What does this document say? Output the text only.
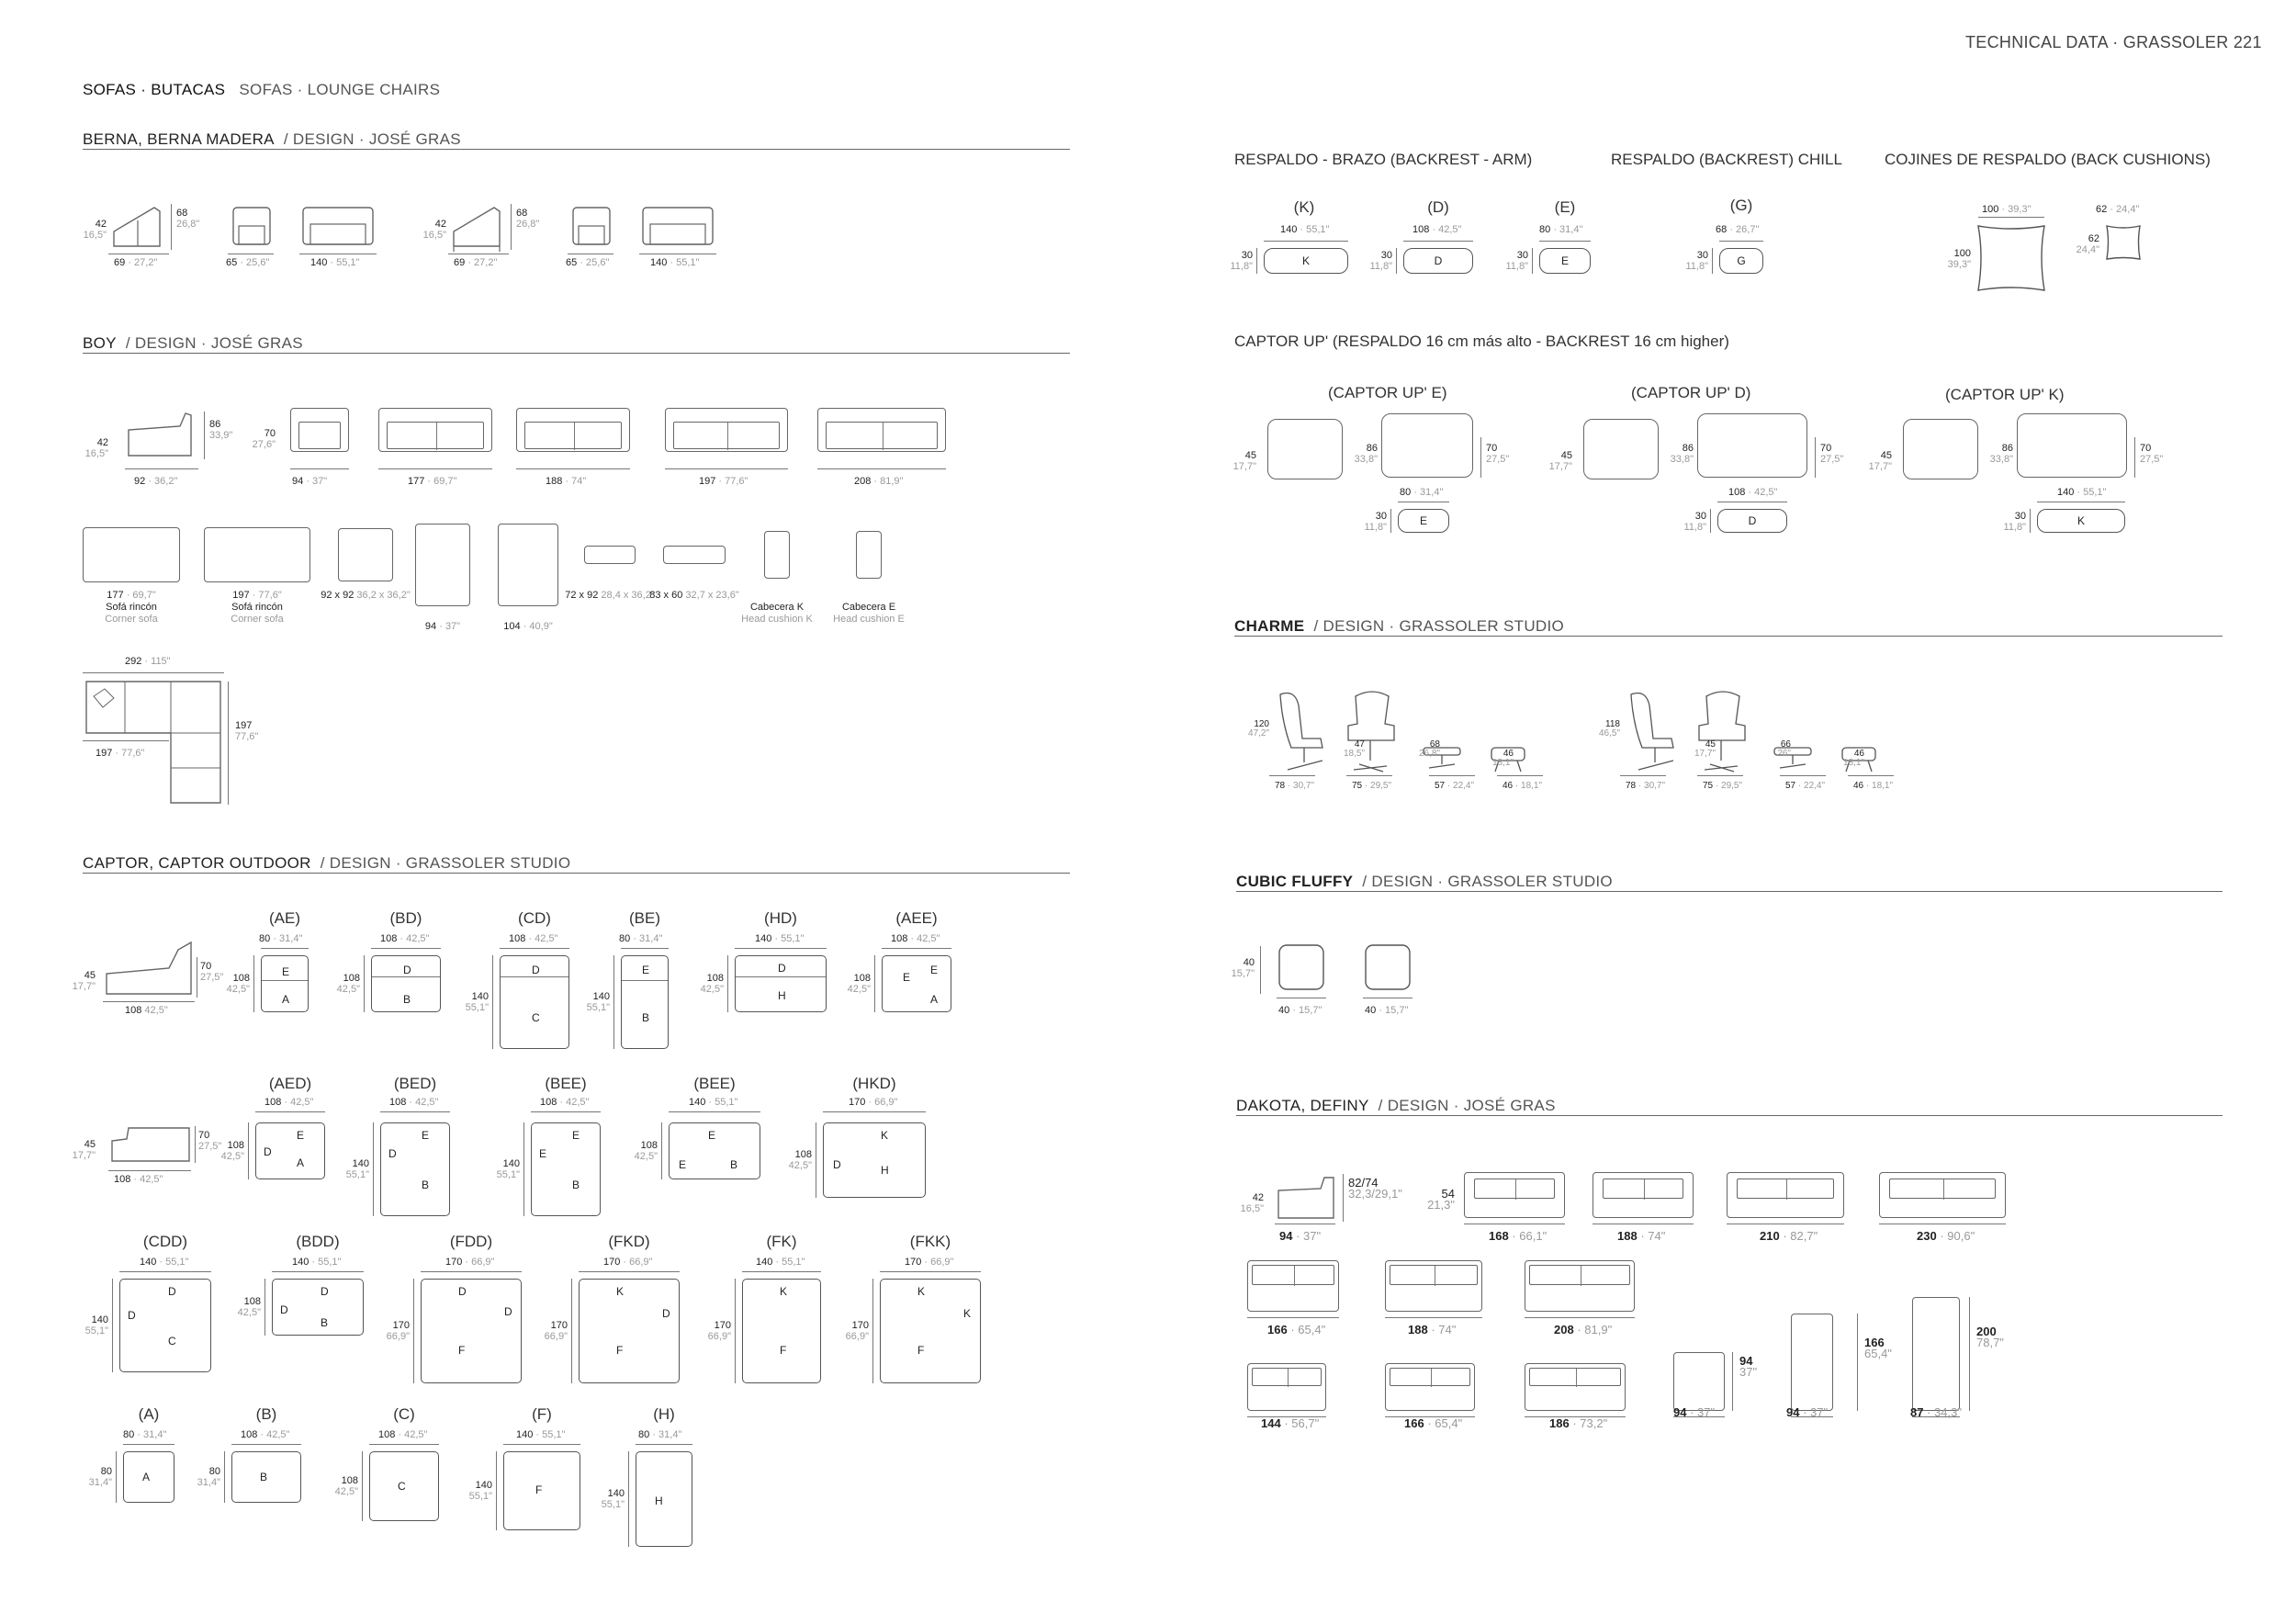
TECHNICAL DATA · GRASSOLER 221
SOFAS · BUTACAS SOFAS · LOUNGE CHAIRS
BERNA, BERNA MADERA / DESIGN · JOSÉ GRAS
42
16,5"
68
26,8"
69 · 27,2"	65 · 25,6"	140 · 55,1"
42
16,5"
68
26,8"
69 · 27,2"	65 · 25,6"	140 · 55,1"
BOY / DESIGN · JOSÉ GRAS
42
16,5"
86
33,9"	70
27,6"
92 · 36,2"	94 · 37"	177 · 69,7"	188 · 74"	197 · 77,6"	208 · 81,9"
177 · 69,7"
Sofá rincón
Corner sofa
197 · 77,6"
Sofá rincón
Corner sofa
92 x 92 36,2 x 36,2"
94 · 37"	104 · 40,9"
72 x 92 28,4 x 36,2"
83 x 60 32,7 x 23,6"

Cabecera K
Head cushion K

Cabecera E
Head cushion E
292 · 115"
197 · 77,6"
197
77,6"
CAPTOR, CAPTOR OUTDOOR / DESIGN · GRASSOLER STUDIO
45
17,7"
70
27,5"
108 42,5"
45
17,7"
70
27,5"
108 · 42,5"
(AE)
80 · 31,4"
E
A
108
42,5"
(BD)
108 · 42,5"
D
B
108
42,5"
(CD)
108 · 42,5"
D
C
140
55,1"
(BE)
80 · 31,4"
E
B
140
55,1"
(HD)
140 · 55,1"
D
H
108
42,5"
(AEE)
108 · 42,5"
E
E
A
108
42,5"
(AED)
108 · 42,5"
D
E
A
108
42,5"
(BED)
108 · 42,5"
D
E
B
140
55,1"
(BEE)
108 · 42,5"
E
E
B
140
55,1"
(BEE)
140 · 55,1"
E
E
B
108
42,5"
(HKD)
170 · 66,9"
D
K
H
108
42,5"
(CDD)
140 · 55,1"
D
D
C
140
55,1"
(BDD)
140 · 55,1"
D
D
B
108
42,5"
(FDD)
170 · 66,9"
D
D
F
170
66,9"
(FKD)
170 · 66,9"
K
D
F
170
66,9"
(FK)
140 · 55,1"
K
F
170
66,9"
(FKK)
170 · 66,9"
K
K
F
170
66,9"
(A)
80 · 31,4"
A
80
31,4"
(B)
108 · 42,5"
B
80
31,4"
(C)
108 · 42,5"
C
108
42,5"
(F)
140 · 55,1"
F
140
55,1"
(H)
80 · 31,4"
H
140
55,1"
RESPALDO - BRAZO (BACKREST - ARM)	RESPALDO (BACKREST) CHILL	COJINES DE RESPALDO (BACK CUSHIONS)
(K)
140 · 55,1"
K
30
11,8"
(D)
108 · 42,5"
D
30
11,8"
(E)
80 · 31,4"
E
30
11,8"
(G)
68 · 26,7"
G
30
11,8"
100 · 39,3"
100
39,3"
62 · 24,4"
62
24,4"
CAPTOR UP' (RESPALDO 16 cm más alto - BACKREST 16 cm higher)
(CAPTOR UP' E)	(CAPTOR UP' D)	(CAPTOR UP' K)
45
17,7"
86
33,8"
70
27,5"
80 · 31,4"
E
30
11,8"
45
17,7"
86
33,8"
70
27,5"
108 · 42,5"
D
30
11,8"
45
17,7"
86
33,8"
70
27,5"
140 · 55,1"
K
30
11,8"
CHARME / DESIGN · GRASSOLER STUDIO
120
47,2"
47
18,5"
68
26,8"	46
18,1"
78 · 30,7"	75 · 29,5"	57 · 22,4"	46 · 18,1"
118
46,5"
45
17,7"
66
26"	46
18,1"
78 · 30,7"	75 · 29,5"	57 · 22,4"	46 · 18,1"
CUBIC FLUFFY / DESIGN · GRASSOLER STUDIO
40
15,7"
40 · 15,7"	40 · 15,7"
DAKOTA, DEFINY / DESIGN · JOSÉ GRAS
42
16,5"
82/74
32,3/29,1"	54
21,3"
94 · 37"	168 · 66,1"	188 · 74"	210 · 82,7"	230 · 90,6"
166 · 65,4"	188 · 74"	208 · 81,9"
144 · 56,7"	166 · 65,4"	186 · 73,2"
94 · 37"	94 · 37"	87 · 34,3"
94
37"
166
65,4"
200
78,7"
